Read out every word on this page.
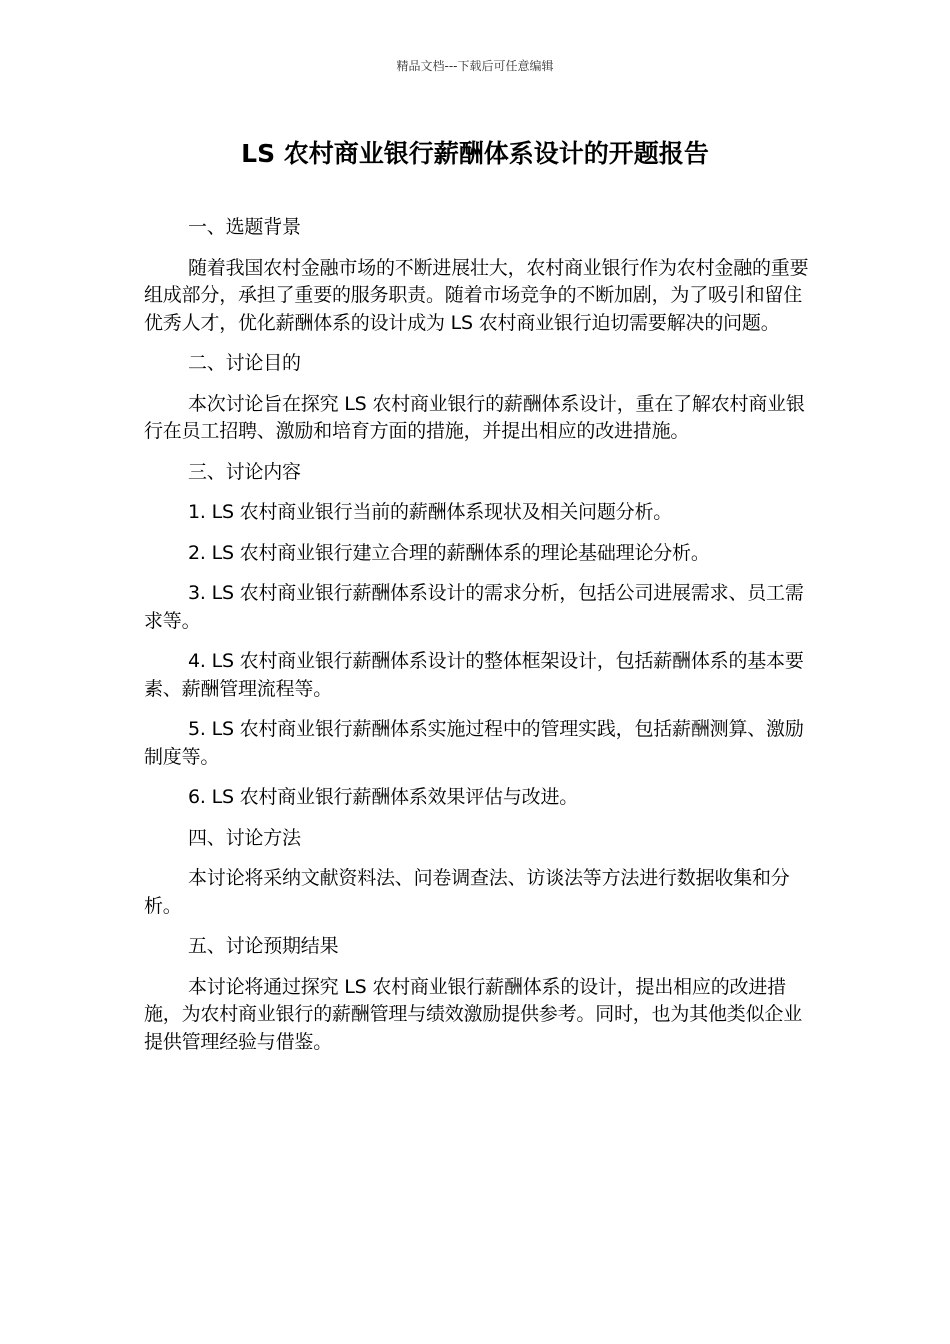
精品文档---下载后可任意编辑
LS 农村商业银行薪酬体系设计的开题报告

一、选题背景

随着我国农村金融市场的不断进展壮大，农村商业银行作为农村金融的重要组成部分，承担了重要的服务职责。随着市场竞争的不断加剧，为了吸引和留住优秀人才，优化薪酬体系的设计成为 LS 农村商业银行迫切需要解决的问题。

二、讨论目的

本次讨论旨在探究 LS 农村商业银行的薪酬体系设计，重在了解农村商业银行在员工招聘、激励和培育方面的措施，并提出相应的改进措施。

三、讨论内容

1. LS 农村商业银行当前的薪酬体系现状及相关问题分析。

2. LS 农村商业银行建立合理的薪酬体系的理论基础理论分析。

3. LS 农村商业银行薪酬体系设计的需求分析，包括公司进展需求、员工需求等。

4. LS 农村商业银行薪酬体系设计的整体框架设计，包括薪酬体系的基本要素、薪酬管理流程等。

5. LS 农村商业银行薪酬体系实施过程中的管理实践，包括薪酬测算、激励制度等。

6. LS 农村商业银行薪酬体系效果评估与改进。

四、讨论方法

本讨论将采纳文献资料法、问卷调查法、访谈法等方法进行数据收集和分析。

五、讨论预期结果

本讨论将通过探究 LS 农村商业银行薪酬体系的设计，提出相应的改进措施，为农村商业银行的薪酬管理与绩效激励提供参考。同时，也为其他类似企业提供管理经验与借鉴。
